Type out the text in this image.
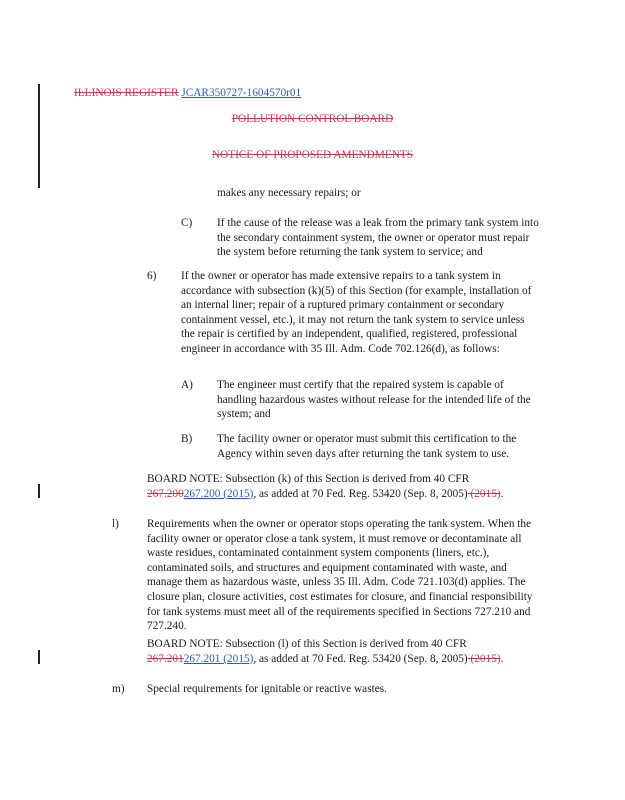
ILLINOIS REGISTER JCAR350727-1604570r01
POLLUTION CONTROL BOARD
NOTICE OF PROPOSED AMENDMENTS
makes any necessary repairs; or
C) If the cause of the release was a leak from the primary tank system into the secondary containment system, the owner or operator must repair the system before returning the tank system to service; and
6) If the owner or operator has made extensive repairs to a tank system in accordance with subsection (k)(5) of this Section (for example, installation of an internal liner; repair of a ruptured primary containment or secondary containment vessel, etc.), it may not return the tank system to service unless the repair is certified by an independent, qualified, registered, professional engineer in accordance with 35 Ill. Adm. Code 702.126(d), as follows:
A) The engineer must certify that the repaired system is capable of handling hazardous wastes without release for the intended life of the system; and
B) The facility owner or operator must submit this certification to the Agency within seven days after returning the tank system to use.
BOARD NOTE: Subsection (k) of this Section is derived from 40 CFR
267.200267.200 (2015), as added at 70 Fed. Reg. 53420 (Sep. 8, 2005) (2015).
l) Requirements when the owner or operator stops operating the tank system. When the facility owner or operator close a tank system, it must remove or decontaminate all waste residues, contaminated containment system components (liners, etc.), contaminated soils, and structures and equipment contaminated with waste, and manage them as hazardous waste, unless 35 Ill. Adm. Code 721.103(d) applies. The closure plan, closure activities, cost estimates for closure, and financial responsibility for tank systems must meet all of the requirements specified in Sections 727.210 and 727.240.
BOARD NOTE: Subsection (l) of this Section is derived from 40 CFR
267.201267.201 (2015), as added at 70 Fed. Reg. 53420 (Sep. 8, 2005) (2015).
m) Special requirements for ignitable or reactive wastes.
